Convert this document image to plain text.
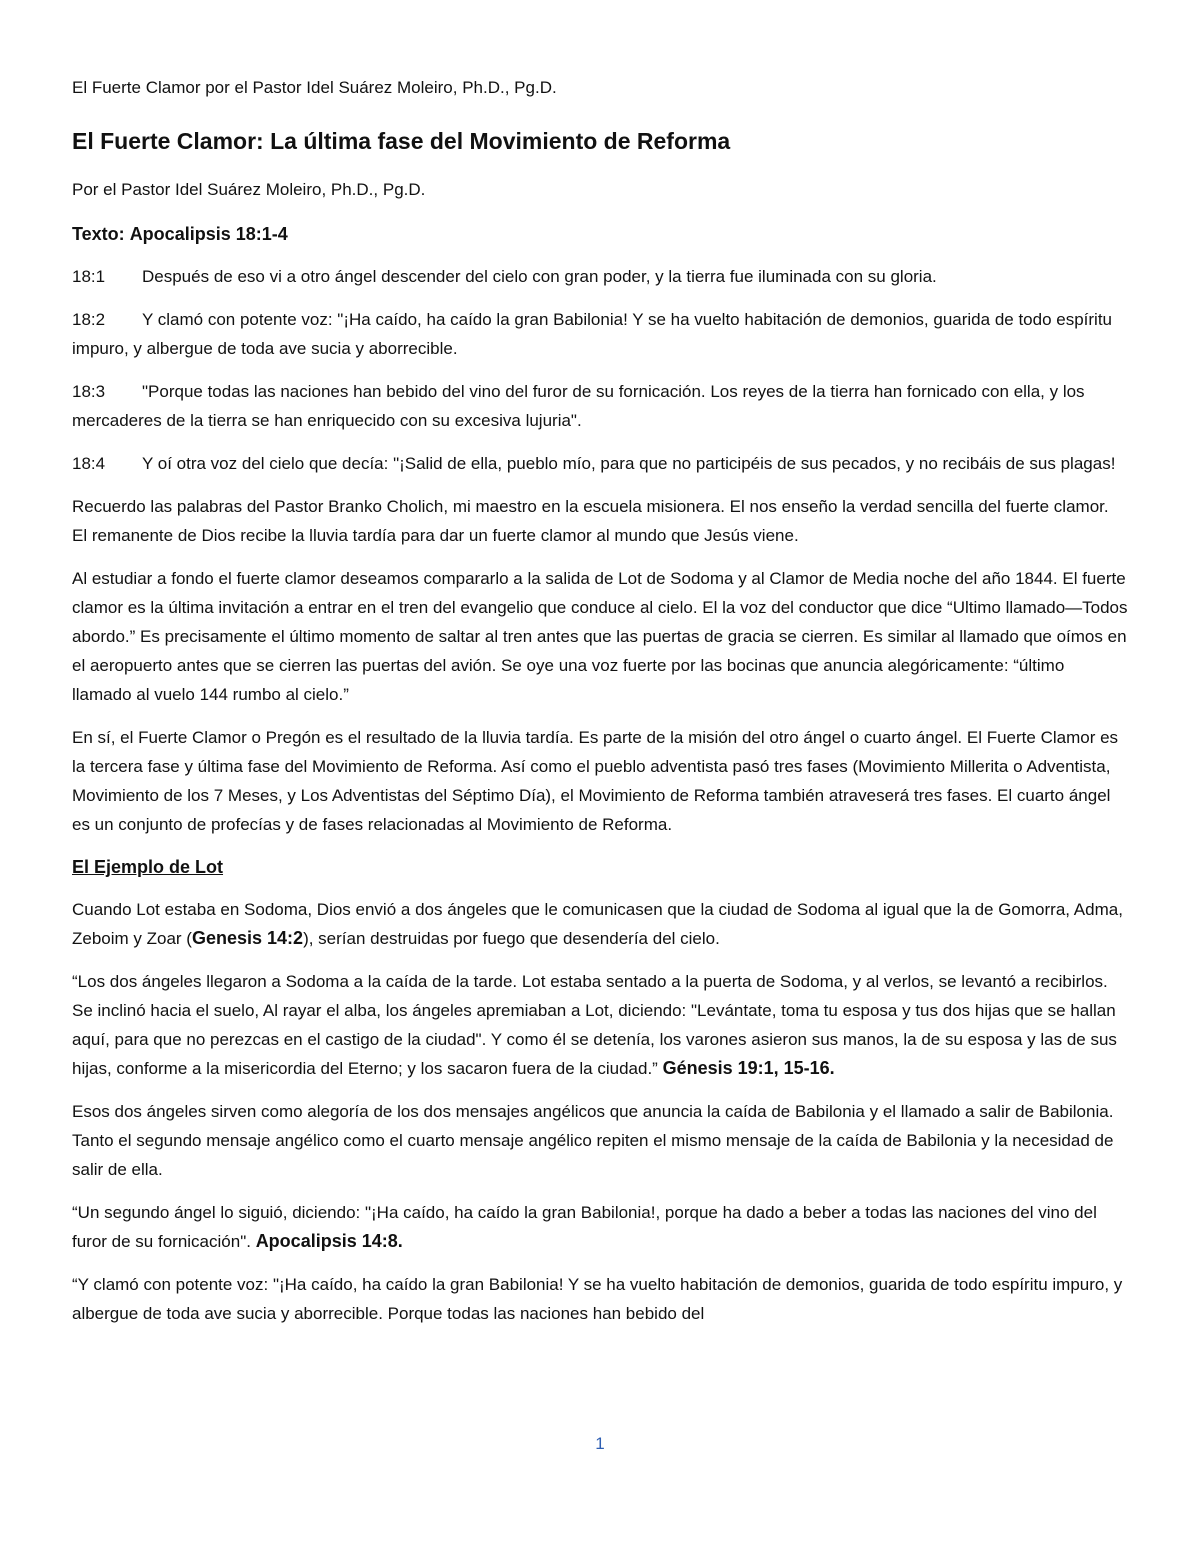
El Fuerte Clamor por el Pastor Idel Suárez Moleiro, Ph.D., Pg.D.
El Fuerte Clamor: La última fase del Movimiento de Reforma
Por el Pastor Idel Suárez Moleiro, Ph.D., Pg.D.
Texto: Apocalipsis 18:1-4

18:1 Después de eso vi a otro ángel descender del cielo con gran poder, y la tierra fue iluminada con su gloria.

18:2 Y clamó con potente voz: "¡Ha caído, ha caído la gran Babilonia! Y se ha vuelto habitación de demonios, guarida de todo espíritu impuro, y albergue de toda ave sucia y aborrecible.

18:3 "Porque todas las naciones han bebido del vino del furor de su fornicación. Los reyes de la tierra han fornicado con ella, y los mercaderes de la tierra se han enriquecido con su excesiva lujuria".

18:4 Y oí otra voz del cielo que decía: "¡Salid de ella, pueblo mío, para que no participéis de sus pecados, y no recibáis de sus plagas!

Recuerdo las palabras del Pastor Branko Cholich, mi maestro en la escuela misionera. El nos enseño la verdad sencilla del fuerte clamor. El remanente de Dios recibe la lluvia tardía para dar un fuerte clamor al mundo que Jesús viene.

Al estudiar a fondo el fuerte clamor deseamos compararlo a la salida de Lot de Sodoma y al Clamor de Media noche del año 1844. El fuerte clamor es la última invitación a entrar en el tren del evangelio que conduce al cielo. El la voz del conductor que dice “Ultimo llamado—Todos abordo.” Es precisamente el último momento de saltar al tren antes que las puertas de gracia se cierren. Es similar al llamado que oímos en el aeropuerto antes que se cierren las puertas del avión. Se oye una voz fuerte por las bocinas que anuncia alegóricamente: “último llamado al vuelo 144 rumbo al cielo.”

En sí, el Fuerte Clamor o Pregón es el resultado de la lluvia tardía. Es parte de la misión del otro ángel o cuarto ángel. El Fuerte Clamor es la tercera fase y última fase del Movimiento de Reforma. Así como el pueblo adventista pasó tres fases (Movimiento Millerita o Adventista, Movimiento de los 7 Meses, y Los Adventistas del Séptimo Día), el Movimiento de Reforma también atraveserá tres fases. El cuarto ángel es un conjunto de profecías y de fases relacionadas al Movimiento de Reforma.

El Ejemplo de Lot

Cuando Lot estaba en Sodoma, Dios envió a dos ángeles que le comunicasen que la ciudad de Sodoma al igual que la de Gomorra, Adma, Zeboim y Zoar (Genesis 14:2), serían destruidas por fuego que desendería del cielo.

“Los dos ángeles llegaron a Sodoma a la caída de la tarde. Lot estaba sentado a la puerta de Sodoma, y al verlos, se levantó a recibirlos. Se inclinó hacia el suelo, Al rayar el alba, los ángeles apremiaban a Lot, diciendo: "Levántate, toma tu esposa y tus dos hijas que se hallan aquí, para que no perezcas en el castigo de la ciudad". Y como él se detenía, los varones asieron sus manos, la de su esposa y las de sus hijas, conforme a la misericordia del Eterno; y los sacaron fuera de la ciudad.” Génesis 19:1, 15-16.

Esos dos ángeles sirven como alegoría de los dos mensajes angélicos que anuncia la caída de Babilonia y el llamado a salir de Babilonia. Tanto el segundo mensaje angélico como el cuarto mensaje angélico repiten el mismo mensaje de la caída de Babilonia y la necesidad de salir de ella.

“Un segundo ángel lo siguió, diciendo: "¡Ha caído, ha caído la gran Babilonia!, porque ha dado a beber a todas las naciones del vino del furor de su fornicación". Apocalipsis 14:8.

“Y clamó con potente voz: "¡Ha caído, ha caído la gran Babilonia! Y se ha vuelto habitación de demonios, guarida de todo espíritu impuro, y albergue de toda ave sucia y aborrecible. Porque todas las naciones han bebido del

1
